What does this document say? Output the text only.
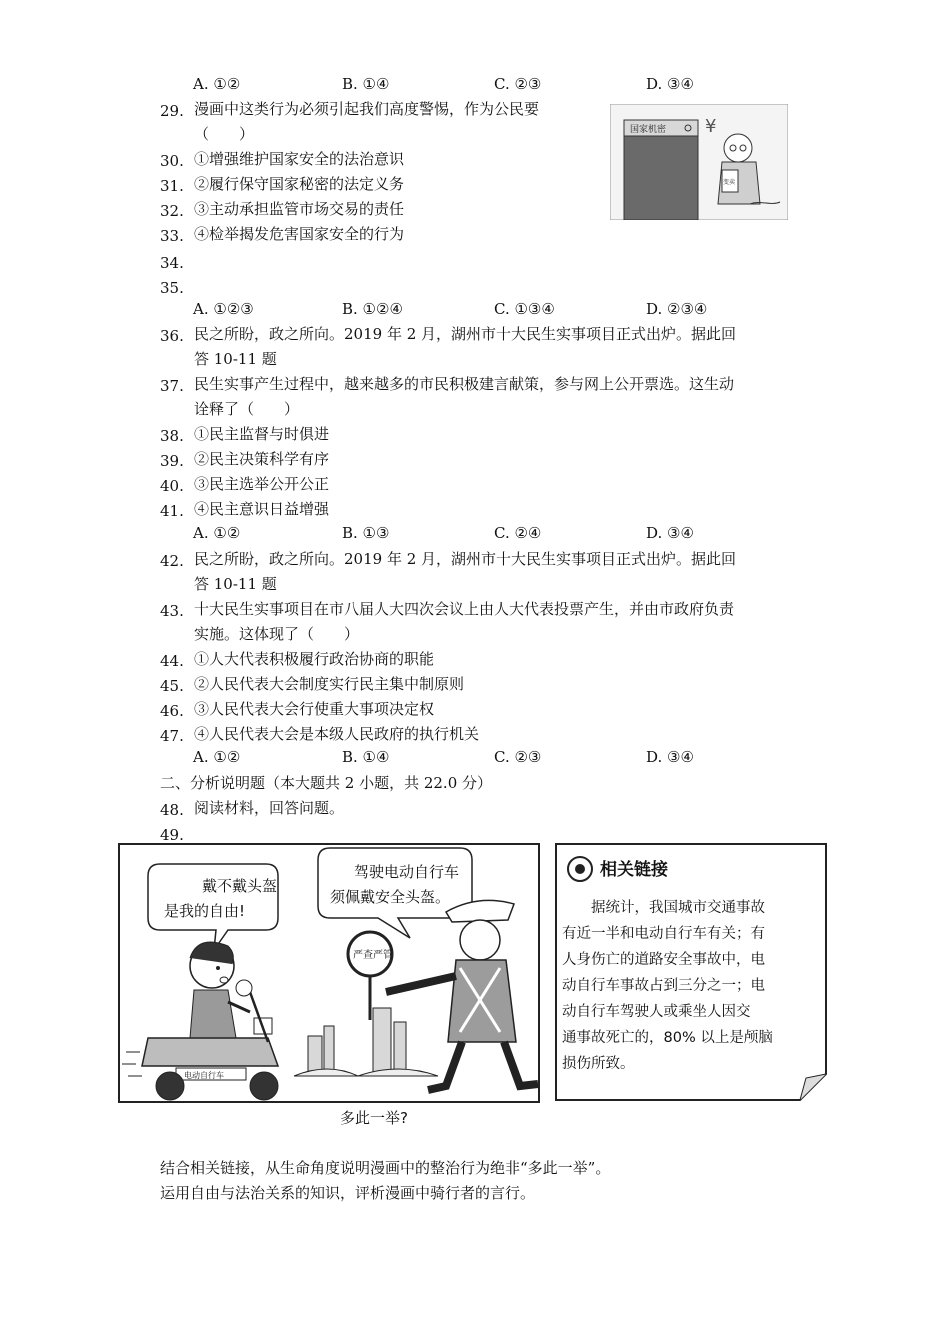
A. ①②	B. ①④	C. ②③	D. ③④
29. 漫画中这类行为必须引起我们高度警惕，作为公民要
（　　）
30. ①增强维护国家安全的法治意识
31. ②履行保守国家秘密的法定义务
32. ③主动承担监管市场交易的责任
33. ④检举揭发危害国家安全的行为
34.
35.
国家机密 ¥
变卖
A. ①②③	B. ①②④	C. ①③④	D. ②③④
36. 民之所盼，政之所向。2019 年 2 月，湖州市十大民生实事项目正式出炉。据此回
答 10-11 题
37. 民生实事产生过程中，越来越多的市民积极建言献策，参与网上公开票选。这生动
诠释了（　　）
38. ①民主监督与时俱进
39. ②民主决策科学有序
40. ③民主选举公开公正
41. ④民主意识日益增强
A. ①②	B. ①③	C. ②④	D. ③④
42. 民之所盼，政之所向。2019 年 2 月，湖州市十大民生实事项目正式出炉。据此回
答 10-11 题
43. 十大民生实事项目在市八届人大四次会议上由人大代表投票产生，并由市政府负责
实施。这体现了（　　）
44. ①人大代表积极履行政治协商的职能
45. ②人民代表大会制度实行民主集中制原则
46. ③人民代表大会行使重大事项决定权
47. ④人民代表大会是本级人民政府的执行机关
A. ①②	B. ①④	C. ②③	D. ③④
二、分析说明题（本大题共 2 小题，共 22.0 分）
48. 阅读材料，回答问题。
49.
戴不戴头盔
是我的自由!
驾驶电动自行车
须佩戴安全头盔。
电动自行车
严查严管
相关链接
　　据统计，我国城市交通事故
有近一半和电动自行车有关；有
人身伤亡的道路安全事故中，电
动自行车事故占到三分之一；电
动自行车驾驶人或乘坐人因交
通事故死亡的，80% 以上是颅脑
损伤所致。
多此一举?
结合相关链接，从生命角度说明漫画中的整治行为绝非“多此一举”。
运用自由与法治关系的知识，评析漫画中骑行者的言行。
